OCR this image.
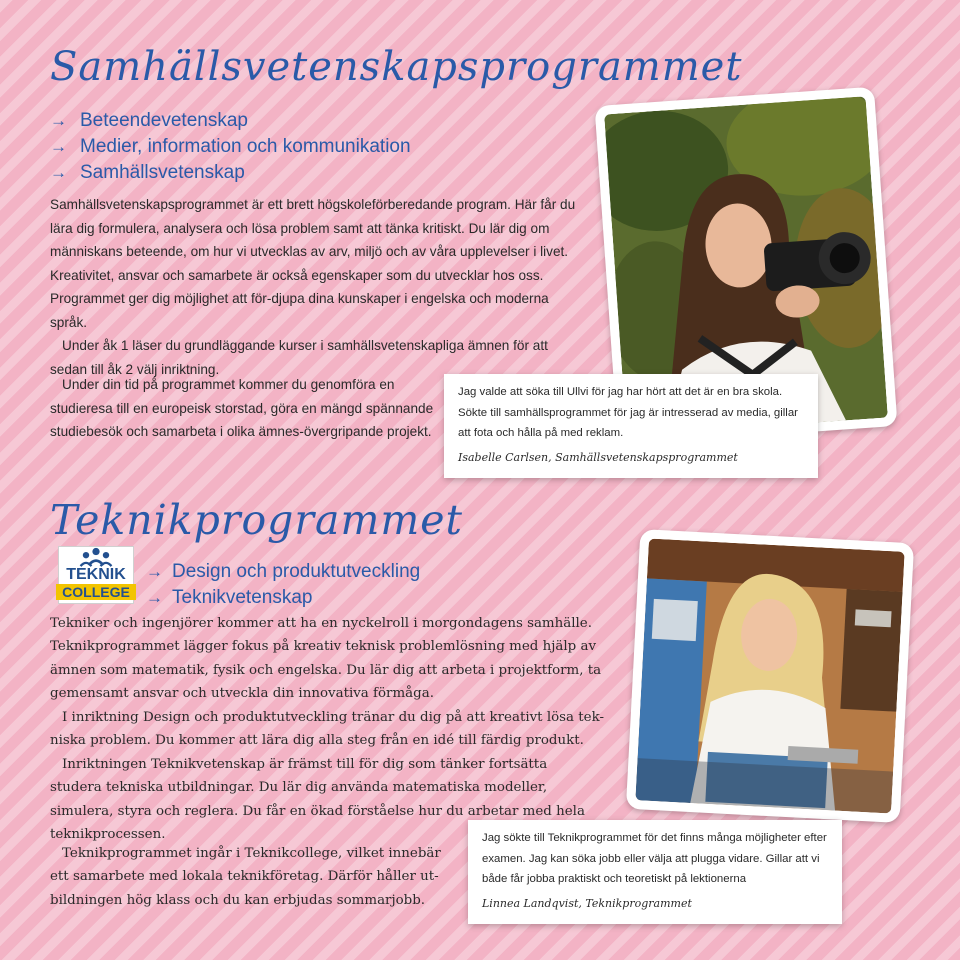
Samhällsvetenskapsprogrammet
→ Beteendevetenskap
→ Medier, information och kommunikation
→ Samhällsvetenskap

Samhällsvetenskapsprogrammet är ett brett högskoleförberedande program. Här får du lära dig formulera, analysera och lösa problem samt att tänka kritiskt. Du lär dig om människans beteende, om hur vi utvecklas av arv, miljö och av våra upplevelser i livet. Kreativitet, ansvar och samarbete är också egenskaper som du utvecklar hos oss. Programmet ger dig möjlighet att för-djupa dina kunskaper i engelska och moderna språk.

Under åk 1 läser du grundläggande kurser i samhällsvetenskapliga ämnen för att sedan till åk 2 välj inriktning.

Under din tid på programmet kommer du genomföra en studieresa till en europeisk storstad, göra en mängd spännande studiebesök och samarbeta i olika ämnes-övergripande projekt.

Jag valde att söka till Ullvi för jag har hört att det är en bra skola. Sökte till samhällsprogrammet för jag är intresserad av media, gillar att fota och hålla på med reklam.
Isabelle Carlsen, Samhällsvetenskapsprogrammet
Teknikprogrammet
TEKNIK
COLLEGE
→ Design och produktutveckling
→ Teknikvetenskap

Tekniker och ingenjörer kommer att ha en nyckelroll i morgondagens samhälle. Teknikprogrammet lägger fokus på kreativ teknisk problemlösning med hjälp av ämnen som matematik, fysik och engelska. Du lär dig att arbeta i projektform, ta gemensamt ansvar och utveckla din innovativa förmåga.

I inriktning Design och produktutveckling tränar du dig på att kreativt lösa tek-niska problem. Du kommer att lära dig alla steg från en idé till färdig produkt.

Inriktningen Teknikvetenskap är främst till för dig som tänker fortsätta studera tekniska utbildningar. Du lär dig använda matematiska modeller, simulera, styra och reglera. Du får en ökad förståelse hur du arbetar med hela teknikprocessen.

Teknikprogrammet ingår i Teknikcollege, vilket innebär ett samarbete med lokala teknikföretag. Därför håller ut-bildningen hög klass och du kan erbjudas sommarjobb.

Jag sökte till Teknikprogrammet för det finns många möjligheter efter examen. Jag kan söka jobb eller välja att plugga vidare. Gillar att vi både får jobba praktiskt och teoretiskt på lektionerna
Linnea Landqvist, Teknikprogrammet
